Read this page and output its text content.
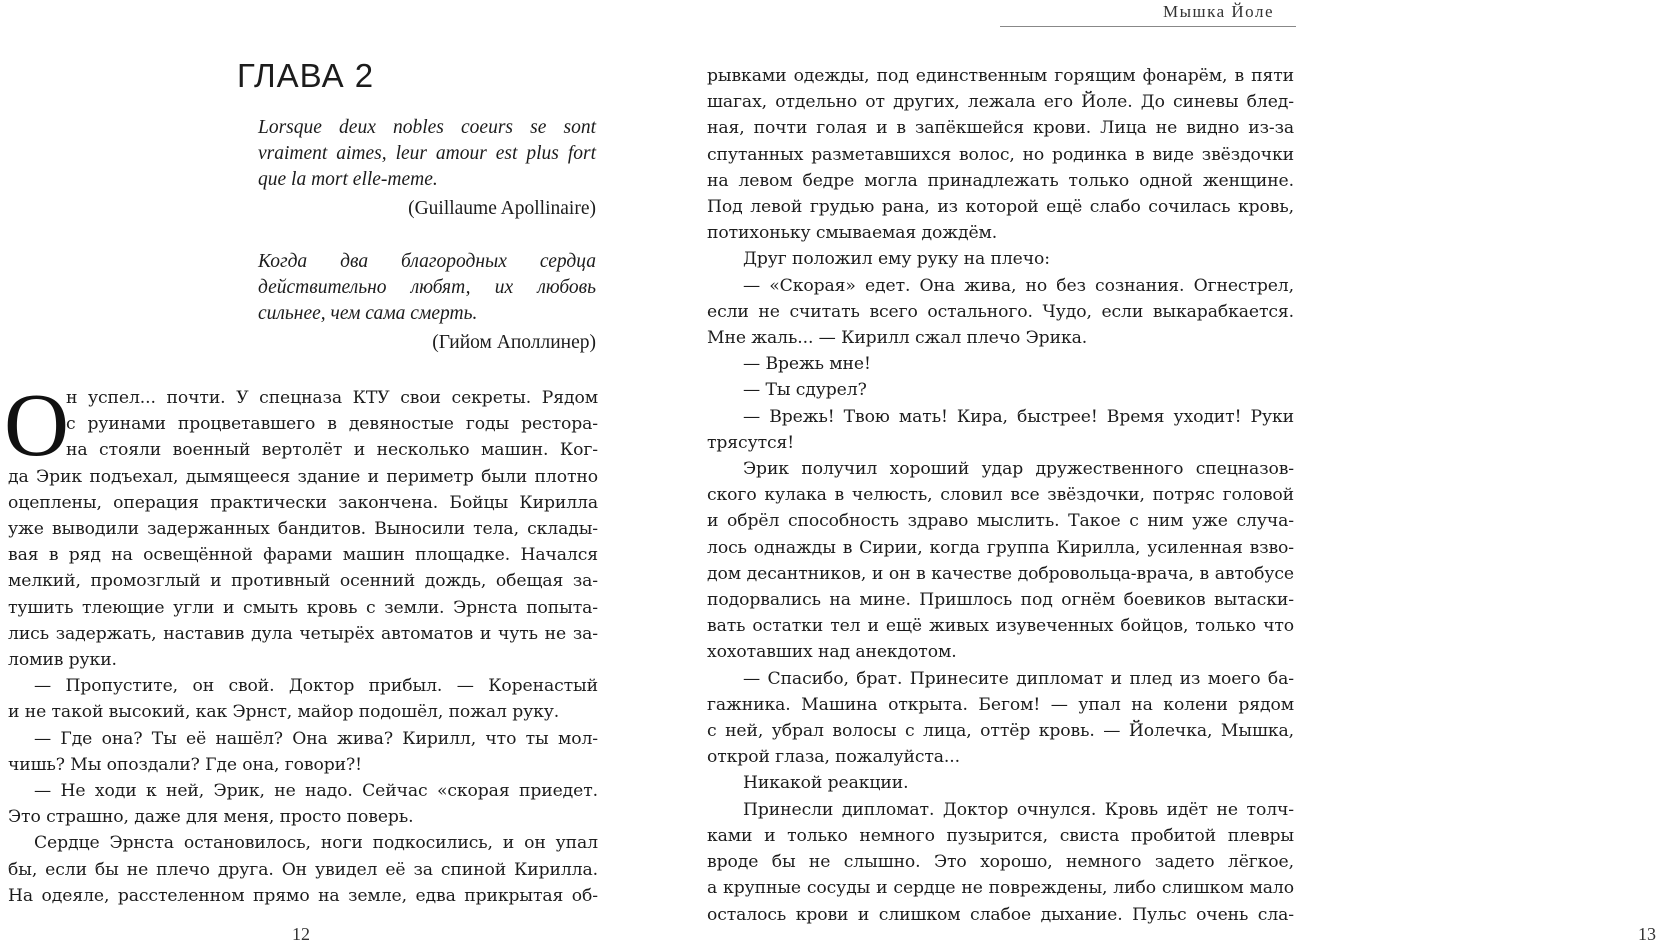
ГЛАВА 2
Lorsque deux nobles coeurs se sont
vraiment aimes, leur amour est plus fort
que la mort elle-meme.
(Guillaume Apollinaire)
Когда два благородных сердца
действительно любят, их любовь
сильнее, чем сама смерть.
(Гийом Аполлинер)
О
н успел... почти. У спецназа КТУ свои секреты. Рядом
с руинами процветавшего в девяностые годы рестора-
на стояли военный вертолёт и несколько машин. Ког-
да Эрик подъехал, дымящееся здание и периметр были плотно
оцеплены, операция практически закончена. Бойцы Кирилла
уже выводили задержанных бандитов. Выносили тела, склады-
вая в ряд на освещённой фарами машин площадке. Начался
мелкий, промозглый и противный осенний дождь, обещая за-
тушить тлеющие угли и смыть кровь с земли. Эрнста попыта-
лись задержать, наставив дула четырёх автоматов и чуть не за-
ломив руки.
— Пропустите, он свой. Доктор прибыл. — Коренастый
и не такой высокий, как Эрнст, майор подошёл, пожал руку.
— Где она? Ты её нашёл? Она жива? Кирилл, что ты мол-
чишь? Мы опоздали? Где она, говори?!
— Не ходи к ней, Эрик, не надо. Сейчас «скорая приедет.
Это страшно, даже для меня, просто поверь.
Сердце Эрнста остановилось, ноги подкосились, и он упал
бы, если бы не плечо друга. Он увидел её за спиной Кирилла.
На одеяле, расстеленном прямо на земле, едва прикрытая об-
12
Мышка Йоле
13
рывками одежды, под единственным горящим фонарём, в пяти
шагах, отдельно от других, лежала его Йоле. До синевы блед-
ная, почти голая и в запёкшейся крови. Лица не видно из-за
спутанных разметавшихся волос, но родинка в виде звёздочки
на левом бедре могла принадлежать только одной женщине.
Под левой грудью рана, из которой ещё слабо сочилась кровь,
потихоньку смываемая дождём.
Друг положил ему руку на плечо:
— «Скорая» едет. Она жива, но без сознания. Огнестрел,
если не считать всего остального. Чудо, если выкарабкается.
Мне жаль... — Кирилл сжал плечо Эрика.
— Врежь мне!
— Ты сдурел?
— Врежь! Твою мать! Кира, быстрее! Время уходит! Руки
трясутся!
Эрик получил хороший удар дружественного спецназов-
ского кулака в челюсть, словил все звёздочки, потряс головой
и обрёл способность здраво мыслить. Такое с ним уже случа-
лось однажды в Сирии, когда группа Кирилла, усиленная взво-
дом десантников, и он в качестве добровольца-врача, в автобусе
подорвались на мине. Пришлось под огнём боевиков вытаски-
вать остатки тел и ещё живых изувеченных бойцов, только что
хохотавших над анекдотом.
— Спасибо, брат. Принесите дипломат и плед из моего ба-
гажника. Машина открыта. Бегом! — упал на колени рядом
с ней, убрал волосы с лица, оттёр кровь. — Йолечка, Мышка,
открой глаза, пожалуйста...
Никакой реакции.
Принесли дипломат. Доктор очнулся. Кровь идёт не толч-
ками и только немного пузырится, свиста пробитой плевры
вроде бы не слышно. Это хорошо, немного задето лёгкое,
а крупные сосуды и сердце не повреждены, либо слишком мало
осталось крови и слишком слабое дыхание. Пульс очень сла-
